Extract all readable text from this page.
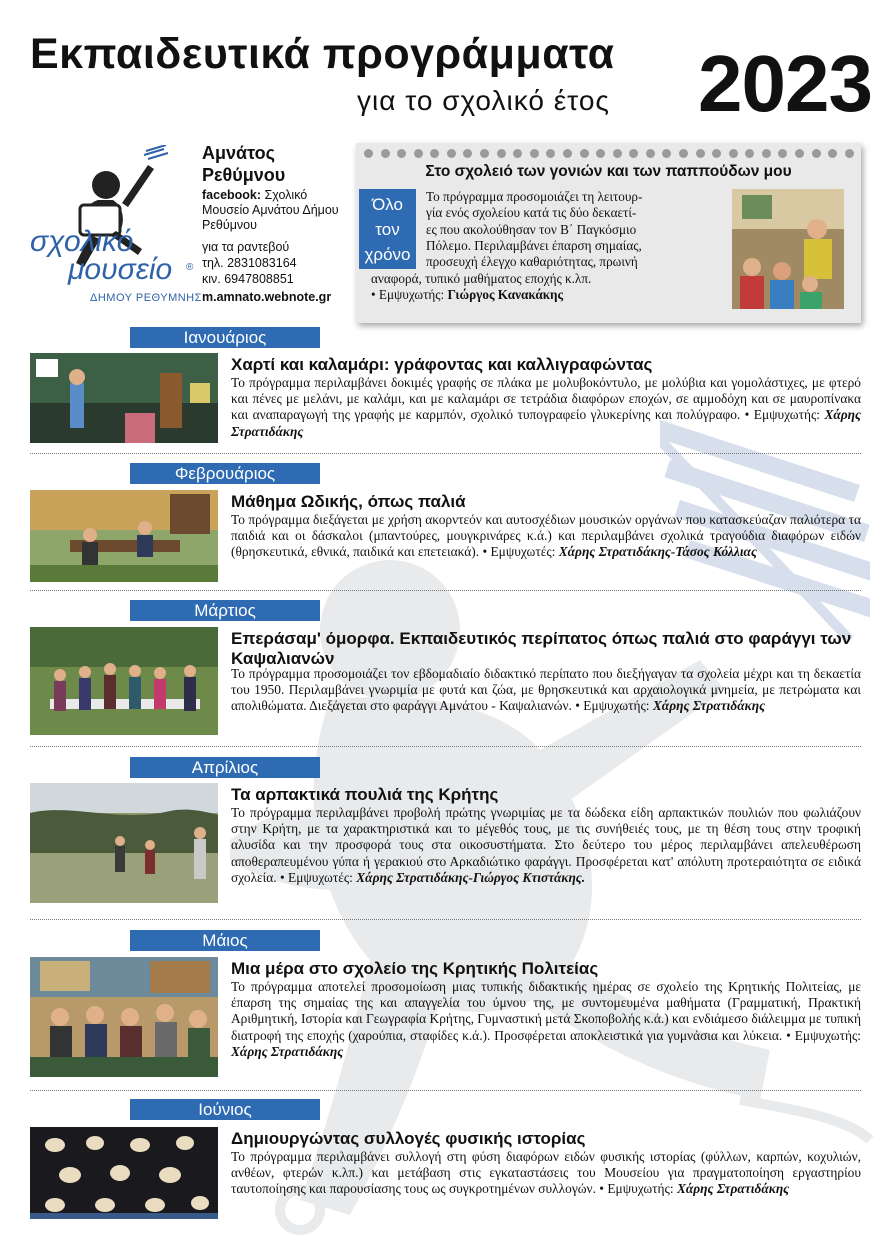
Εκπαιδευτικά προγράμματα
για το σχολικό έτος 2023
σχολικό
μουσείο ®
ΔΗΜΟΥ ΡΕΘΥΜΝΗΣ
Αμνάτος
Ρεθύμνου
facebook: Σχολικό Μουσείο Αμνάτου Δήμου Ρεθύμνου
για τα ραντεβού
τηλ. 2831083164
κιν. 6947808851
m.amnato.webnote.gr
Στο σχολειό των γονιών και των παππούδων μου
Όλο
τον
χρόνο
Το πρόγραμμα προσομοιάζει τη λειτουρ-
γία ενός σχολείου κατά τις δύο δεκαετί-
ες που ακολούθησαν τον Β΄ Παγκόσμιο
Πόλεμο. Περιλαμβάνει έπαρση σημαίας,
προσευχή έλεγχο καθαριότητας, πρωινή
αναφορά, τυπικό μαθήματος εποχής κ.λπ.
• Εμψυχωτής: Γιώργος Κανακάκης
Ιανουάριος
Χαρτί και καλαμάρι: γράφοντας και καλλιγραφώντας
Το πρόγραμμα περιλαμβάνει δοκιμές γραφής σε πλάκα με μολυβοκόντυλο, με μολύβια και γομολάστιχες, με φτερό και πένες με μελάνι, με καλάμι, και με καλαμάρι σε τετράδια διαφόρων εποχών, σε αμμοδόχη και σε μαυροπίνακα και αναπαραγωγή της γραφής με καρμπόν, σχολικό τυπογραφείο γλυκερίνης και πολύγραφο. • Εμψυχωτής: Χάρης Στρατιδάκης
Φεβρουάριος
Μάθημα Ωδικής, όπως παλιά
Το πρόγραμμα διεξάγεται με χρήση ακορντεόν και αυτοσχέδιων μουσικών οργάνων που κατασκεύαζαν παλιότερα τα παιδιά και οι δάσκαλοι (μπαντούρες, μουγκρινάρες κ.ά.) και περιλαμβάνει σχολικά τραγούδια διαφόρων ειδών (θρησκευτικά, εθνικά, παιδικά και επετειακά). • Εμψυχωτές: Χάρης Στρατιδάκης-Τάσος Κόλλιας
Μάρτιος
Επεράσαμ' όμορφα. Εκπαιδευτικός περίπατος όπως παλιά στο φαράγγι των Καψαλιανών
Το πρόγραμμα προσομοιάζει τον εβδομαδιαίο διδακτικό περίπατο που διεξήγαγαν τα σχολεία μέχρι και τη δεκαετία του 1950. Περιλαμβάνει γνωριμία με φυτά και ζώα, με θρησκευτικά και αρχαιολογικά μνημεία, με πετρώματα και απολιθώματα. Διεξάγεται στο φαράγγι Αμνάτου - Καψαλιανών. • Εμψυχωτής: Χάρης Στρατιδάκης
Απρίλιος
Τα αρπακτικά πουλιά της Κρήτης
Το πρόγραμμα περιλαμβάνει προβολή πρώτης γνωριμίας με τα δώδεκα είδη αρπακτικών πουλιών που φωλιάζουν στην Κρήτη, με τα χαρακτηριστικά και το μέγεθός τους, με τις συνήθειές τους, με τη θέση τους στην τροφική αλυσίδα και την προσφορά τους στα οικοσυστήματα. Στο δεύτερο του μέρος περιλαμβάνει απελευθέρωση αποθεραπευμένου γύπα ή γερακιού στο Αρκαδιώτικο φαράγγι. Προσφέρεται κατ' απόλυτη προτεραιότητα σε ειδικά σχολεία. • Εμψυχωτές: Χάρης Στρατιδάκης-Γιώργος Κτιστάκης.
Μάιος
Μια μέρα στο σχολείο της Κρητικής Πολιτείας
Το πρόγραμμα αποτελεί προσομοίωση μιας τυπικής διδακτικής ημέρας σε σχολείο της Κρητικής Πολιτείας, με έπαρση της σημαίας της και απαγγελία του ύμνου της, με συντομευμένα μαθήματα (Γραμματική, Πρακτική Αριθμητική, Ιστορία και Γεωγραφία Κρήτης, Γυμναστική μετά Σκοποβολής κ.ά.) και ενδιάμεσο διάλειμμα με τυπική διατροφή της εποχής (χαρούπια, σταφίδες κ.ά.). Προσφέρεται αποκλειστικά για γυμνάσια και λύκεια. • Εμψυχωτής: Χάρης Στρατιδάκης
Ιούνιος
Δημιουργώντας συλλογές φυσικής ιστορίας
Το πρόγραμμα περιλαμβάνει συλλογή στη φύση διαφόρων ειδών φυσικής ιστορίας (φύλλων, καρπών, κοχυλιών, ανθέων, φτερών κ.λπ.) και μετάβαση στις εγκαταστάσεις του Μουσείου για πραγματοποίηση εργαστηρίου ταυτοποίησης και παρουσίασης τους ως συγκροτημένων συλλογών. • Εμψυχωτής: Χάρης Στρατιδάκης
